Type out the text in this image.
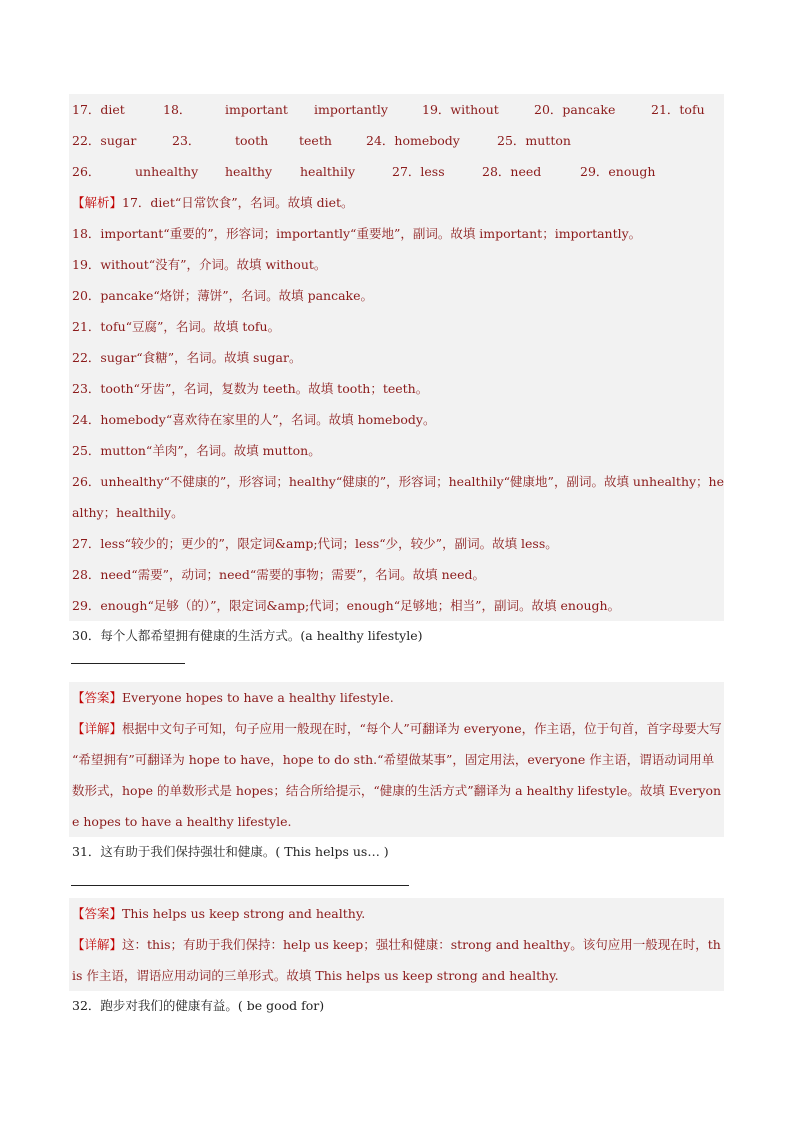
17．diet	18．	important importantly	19．without	20．pancake	21．tofu
22．sugar	23．	tooth teeth	24．homebody	25．mutton
26．	unhealthy healthy healthily	27．less	28．need	29．enough
【解析】17．diet“日常饮食”，名词。故填 diet。
18．important“重要的”，形容词；importantly“重要地”，副词。故填 important；importantly。
19．without“没有”，介词。故填 without。
20．pancake“烙饼；薄饼”，名词。故填 pancake。
21．tofu“豆腐”，名词。故填 tofu。
22．sugar“食糖”，名词。故填 sugar。
23．tooth“牙齿”，名词，复数为 teeth。故填 tooth；teeth。
24．homebody“喜欢待在家里的人”，名词。故填 homebody。
25．mutton“羊肉”，名词。故填 mutton。
26．unhealthy“不健康的”，形容词；healthy“健康的”，形容词；healthily“健康地”，副词。故填 unhealthy；healthy；healthily。
27．less“较少的；更少的”，限定词&amp;代词；less“少，较少”，副词。故填 less。
28．need“需要”，动词；need“需要的事物；需要”，名词。故填 need。
29．enough“足够（的）”，限定词&amp;代词；enough“足够地；相当”，副词。故填 enough。
30．每个人都希望拥有健康的生活方式。(a healthy lifestyle)
【答案】Everyone hopes to have a healthy lifestyle.
【详解】根据中文句子可知，句子应用一般现在时，“每个人”可翻译为 everyone，作主语，位于句首，首字母要大写 “希望拥有”可翻译为 hope to have，hope to do sth.“希望做某事”，固定用法，everyone 作主语，谓语动词用单数形式，hope 的单数形式是 hopes；结合所给提示，“健康的生活方式”翻译为 a healthy lifestyle。故填 Everyone hopes to have a healthy lifestyle.
31．这有助于我们保持强壮和健康。( This helps us… )
【答案】This helps us keep strong and healthy.
【详解】这：this；有助于我们保持：help us keep；强壮和健康：strong and healthy。该句应用一般现在时，this 作主语，谓语应用动词的三单形式。故填 This helps us keep strong and healthy.
32．跑步对我们的健康有益。( be good for)
